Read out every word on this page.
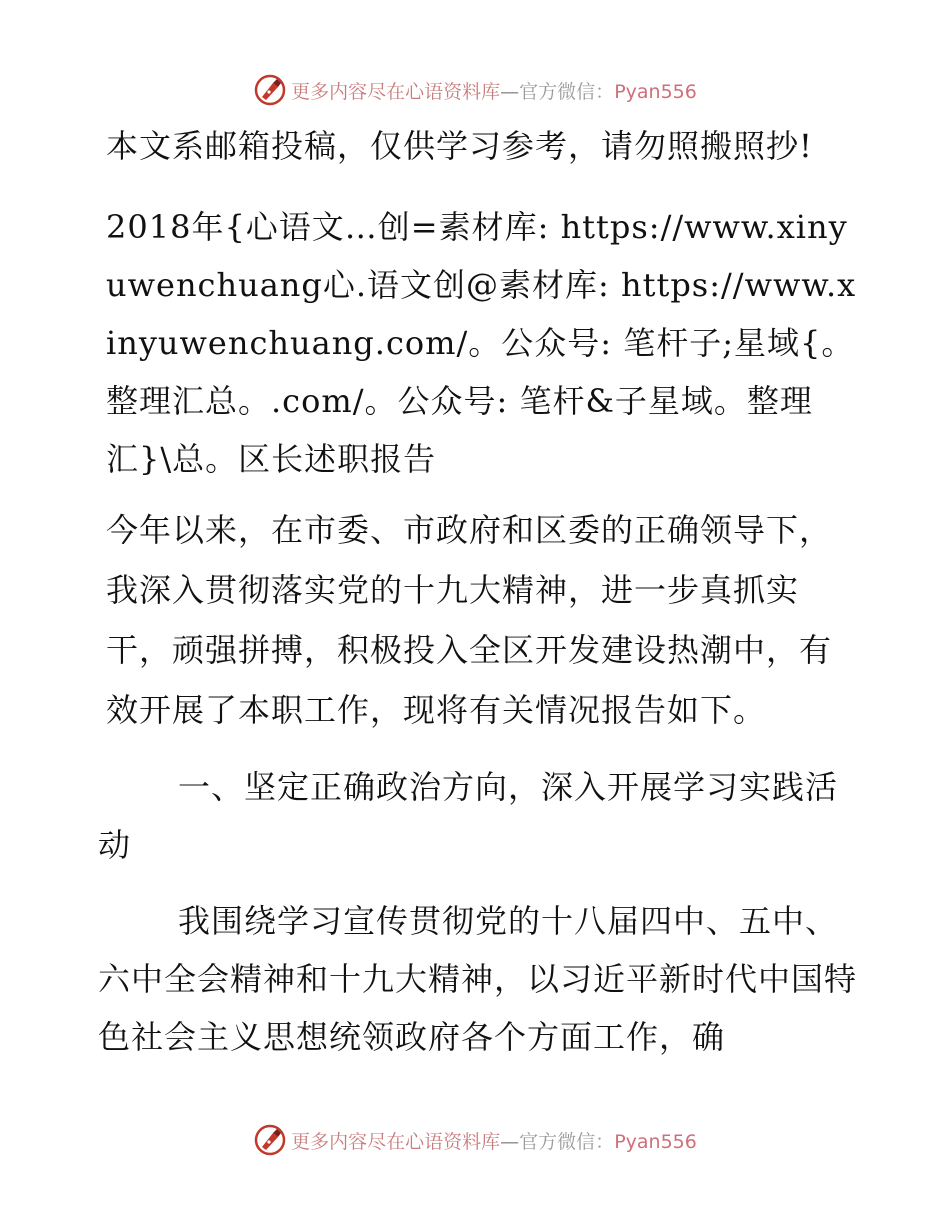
更多内容尽在心语资料库—官方微信：Pyan556

本文系邮箱投稿，仅供学习参考，请勿照搬照抄!

2018年{心语文…创=素材库: https://www.xinyuwenchuang心.语文创@素材库: https://www.xinyuwenchuang.com/。公众号: 笔杆子;星域{。整理汇总。.com/。公众号: 笔杆&子星域。整理汇}\总。区长述职报告

今年以来，在市委、市政府和区委的正确领导下，我深入贯彻落实党的十九大精神，进一步真抓实干，顽强拼搏，积极投入全区开发建设热潮中，有效开展了本职工作，现将有关情况报告如下。

一、坚定正确政治方向，深入开展学习实践活动

我围绕学习宣传贯彻党的十八届四中、五中、六中全会精神和十九大精神，以习近平新时代中国特色社会主义思想统领政府各个方面工作，确

更多内容尽在心语资料库—官方微信：Pyan556
